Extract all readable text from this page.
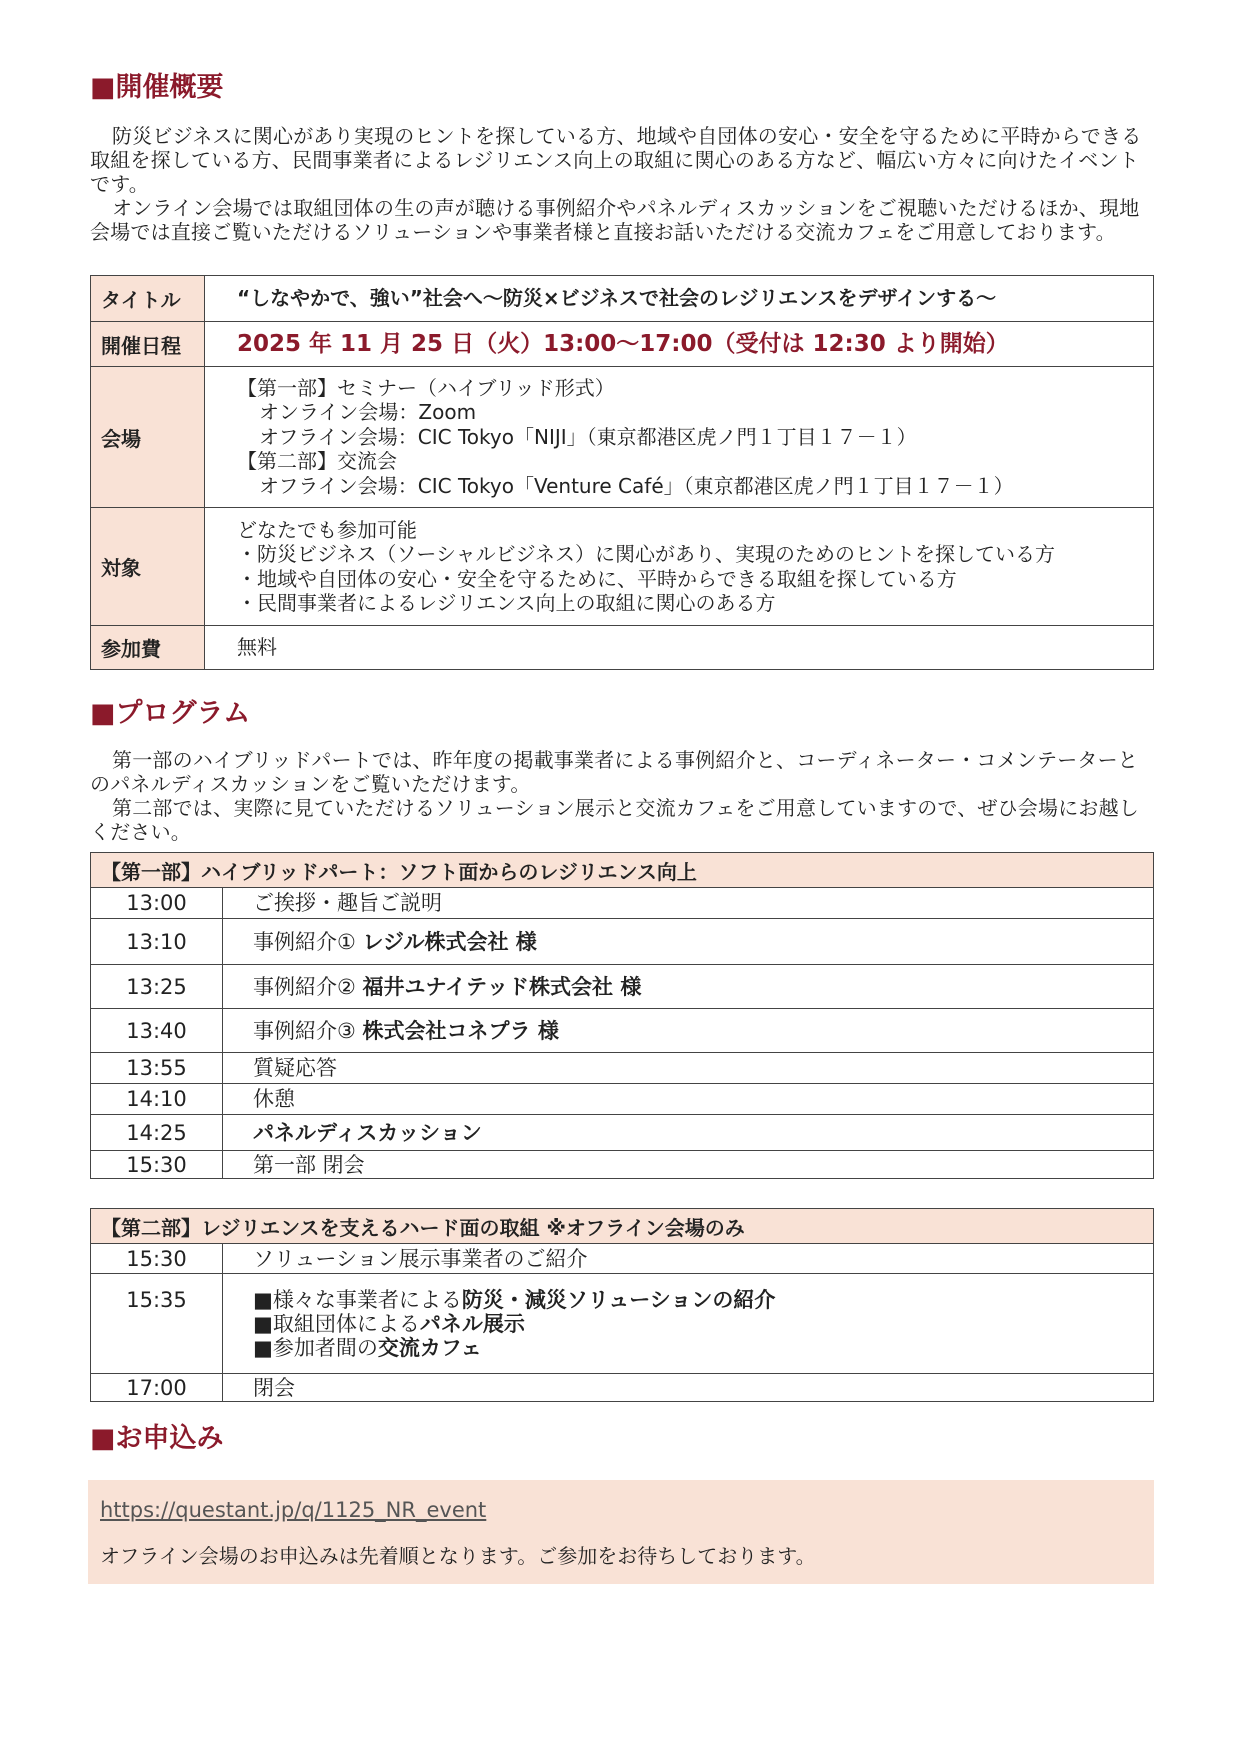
■開催概要

防災ビジネスに関心があり実現のヒントを探している方、地域や自団体の安心・安全を守るために平時からできる取組を探している方、民間事業者によるレジリエンス向上の取組に関心のある方など、幅広い方々に向けたイベントです。

オンライン会場では取組団体の生の声が聴ける事例紹介やパネルディスカッションをご視聴いただけるほか、現地会場では直接ご覧いただけるソリューションや事業者様と直接お話いただける交流カフェをご用意しております。

タイトル	“しなやかで、強い”社会へ～防災×ビジネスで社会のレジリエンスをデザインする～
開催日程	2025 年 11 月 25 日（火）13:00～17:00（受付は 12:30 より開始）
会場	【第一部】セミナー（ハイブリッド形式）
オンライン会場：Zoom
オフライン会場：CIC Tokyo「NIJI」（東京都港区虎ノ門１丁目１７－１）
【第二部】交流会
オフライン会場：CIC Tokyo「Venture Café」（東京都港区虎ノ門１丁目１７－１）

対象	どなたでも参加可能
・防災ビジネス（ソーシャルビジネス）に関心があり、実現のためのヒントを探している方
・地域や自団体の安心・安全を守るために、平時からできる取組を探している方
・民間事業者によるレジリエンス向上の取組に関心のある方

参加費	無料
■プログラム

第一部のハイブリッドパートでは、昨年度の掲載事業者による事例紹介と、コーディネーター・コメンテーターとのパネルディスカッションをご覧いただけます。

第二部では、実際に見ていただけるソリューション展示と交流カフェをご用意していますので、ぜひ会場にお越しください。

【第一部】ハイブリッドパート：ソフト面からのレジリエンス向上	
13:00	ご挨拶・趣旨ご説明
13:10	事例紹介① レジル株式会社 様
13:25	事例紹介② 福井ユナイテッド株式会社 様
13:40	事例紹介③ 株式会社コネプラ 様
13:55	質疑応答
14:10	休憩
14:25	パネルディスカッション
15:30	第一部 閉会
【第二部】レジリエンスを支えるハード面の取組 ※オフライン会場のみ	
15:30	ソリューション展示事業者のご紹介
15:35	■様々な事業者による防災・減災ソリューションの紹介
■取組団体によるパネル展示
■参加者間の交流カフェ

17:00	閉会
■お申込み
https://questant.jp/q/1125_NR_event
オフライン会場のお申込みは先着順となります。ご参加をお待ちしております。
